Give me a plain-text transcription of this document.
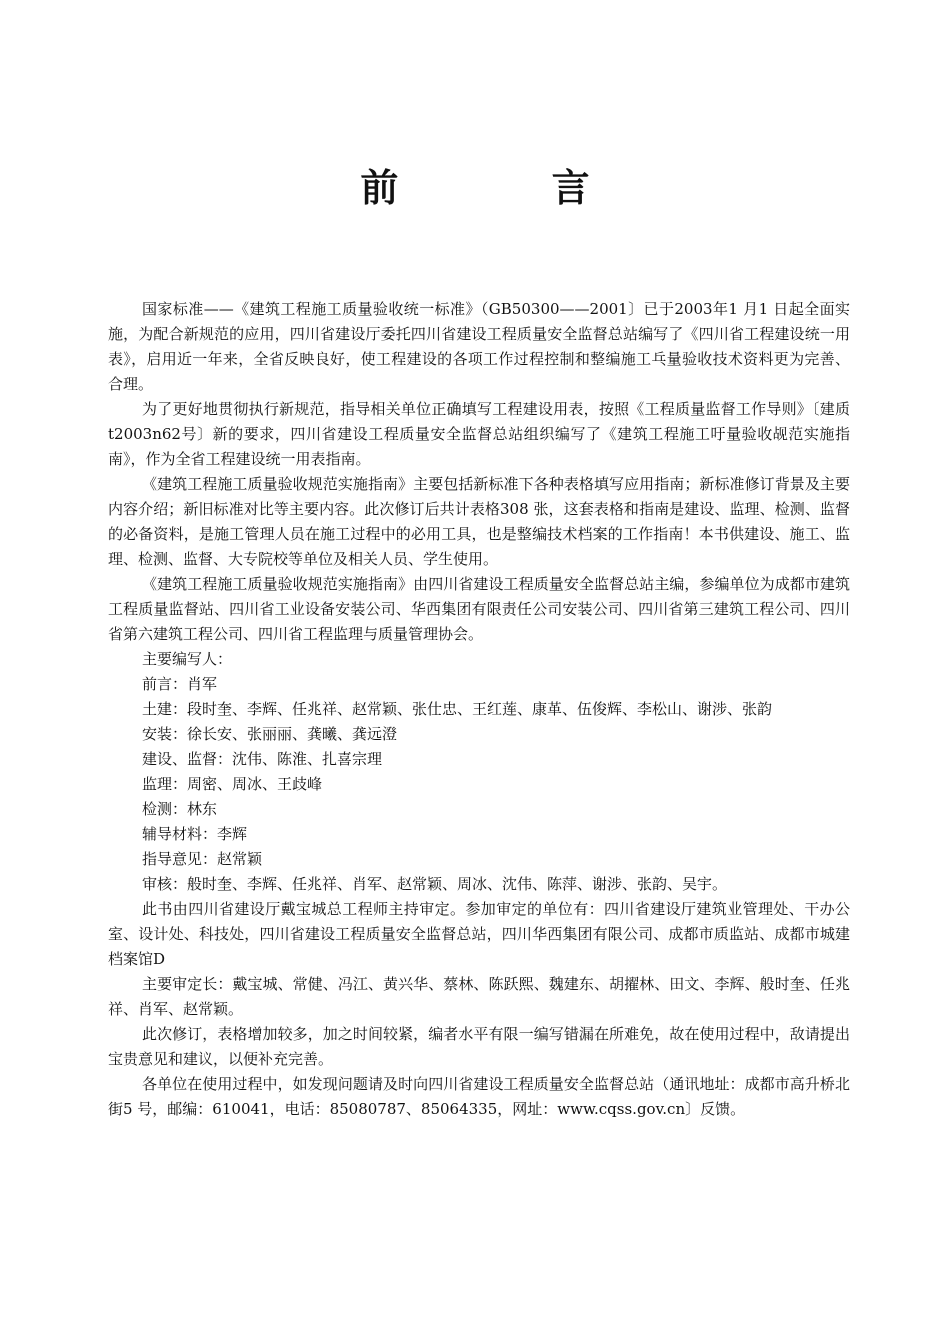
前 言

国家标准——《建筑工程施工质量验收统一标准》（GB50300——2001〕已于2003年1 月1 日起全面实施，为配合新规范的应用，四川省建设厅委托四川省建设工程质量安全监督总站编写了《四川省工程建设统一用表》，启用近一年来，全省反映良好，使工程建设的各项工作过程控制和整编施工乓量验收技术资料更为完善、合理。

为了更好地贯彻执行新规范，指导相关单位正确填写工程建设用表，按照《工程质量监督工作导则》〔建质t2003n62号〕新的要求，四川省建设工程质量安全监督总站组织编写了《建筑工程施工吁量验收觇范实施指南》，作为全省工程建设统一用表指南。

《建筑工程施工质量验收规范实施指南》主要包括新标准下各种表格填写应用指南；新标准修订背景及主要内容介绍；新旧标准对比等主要内容。此次修订后共计表格308 张，这套表格和指南是建设、监理、检测、监督的必备资料，是施工管理人员在施工过程中的必用工具，也是整编技术档案的工作指南！本书供建设、施工、监理、检测、监督、大专院校等单位及相关人员、学生使用。

《建筑工程施工质量验收规范实施指南》由四川省建设工程质量安全监督总站主编，参编单位为成都市建筑工程质量监督站、四川省工业设备安装公司、华西集团有限责任公司安装公司、四川省第三建筑工程公司、四川省第六建筑工程公司、四川省工程监理与质量管理协会。

主要编写人：

前言：肖军

土建：段时奎、李辉、任兆祥、赵常颖、张仕忠、王红莲、康革、伍俊辉、李松山、谢涉、张韵

安装：徐长安、张丽丽、龚曦、龚远澄

建设、监督：沈伟、陈淮、扎喜宗理

监理：周密、周冰、王歧峰

检测：林东

辅导材料：李辉

指导意见：赵常颖

审核：般时奎、李辉、任兆祥、肖军、赵常颖、周冰、沈伟、陈萍、谢涉、张韵、吴宇。

此书由四川省建设厅戴宝城总工程师主持审定。参加审定的单位有：四川省建设厅建筑业管理处、干办公室、设计处、科技处，四川省建设工程质量安全监督总站，四川华西集团有限公司、成都市质监站、成都市城建档案馆D

主要审定长：戴宝城、常健、冯江、黄兴华、蔡林、陈跃熙、魏建东、胡擢林、田文、李辉、般时奎、任兆祥、肖军、赵常颖。

此次修订，表格增加较多，加之时间较紧，编者水平有限一编写错漏在所难免，故在使用过程中，敌请提出宝贵意见和建议，以便补充完善。

各单位在使用过程中，如发现问题请及时向四川省建设工程质量安全监督总站（通讯地址：成都市高升桥北街5 号，邮编：610041，电话：85080787、85064335，网址：www.cqss.gov.cn〕反馈。
